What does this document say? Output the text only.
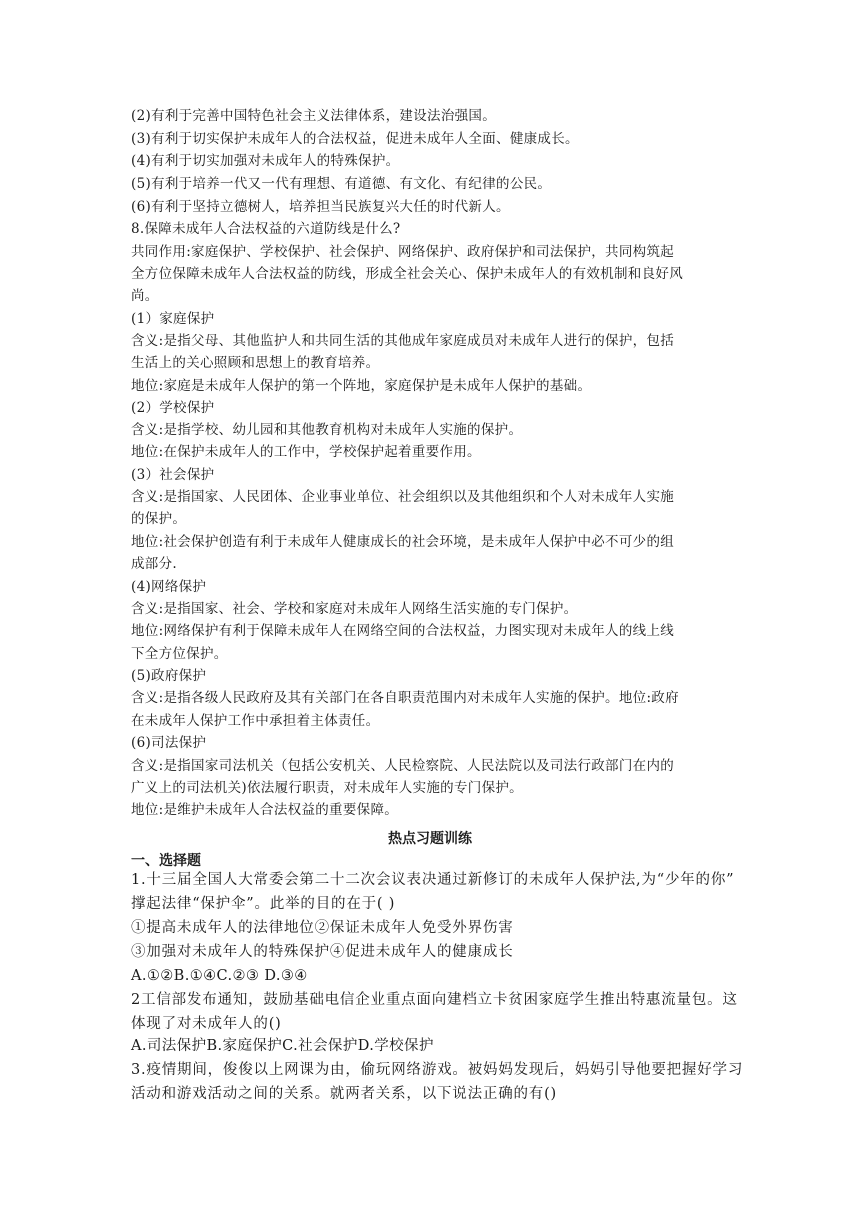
(2)有利于完善中国特色社会主义法律体系，建设法治强国。
(3)有利于切实保护未成年人的合法权益，促进未成年人全面、健康成长。
(4)有利于切实加强对未成年人的特殊保护。
(5)有利于培养一代又一代有理想、有道德、有文化、有纪律的公民。
(6)有利于坚持立德树人，培养担当民族复兴大任的时代新人。
8.保障未成年人合法权益的六道防线是什么?
共同作用:家庭保护、学校保护、社会保护、网络保护、政府保护和司法保护，共同构筑起
全方位保障未成年人合法权益的防线，形成全社会关心、保护未成年人的有效机制和良好风
尚。
(1）家庭保护
含义:是指父母、其他监护人和共同生活的其他成年家庭成员对未成年人进行的保护，包括
生活上的关心照顾和思想上的教育培养。
地位:家庭是未成年人保护的第一个阵地，家庭保护是未成年人保护的基础。
(2）学校保护
含义:是指学校、幼儿园和其他教育机构对未成年人实施的保护。
地位:在保护未成年人的工作中，学校保护起着重要作用。
(3）社会保护
含义:是指国家、人民团体、企业事业单位、社会组织以及其他组织和个人对未成年人实施
的保护。
地位:社会保护创造有利于未成年人健康成长的社会环境，是未成年人保护中必不可少的组
成部分.
(4)网络保护
含义:是指国家、社会、学校和家庭对未成年人网络生活实施的专门保护。
地位:网络保护有利于保障未成年人在网络空间的合法权益，力图实现对未成年人的线上线
下全方位保护。
(5)政府保护
含义:是指各级人民政府及其有关部门在各自职责范围内对未成年人实施的保护。地位:政府
在未成年人保护工作中承担着主体责任。
(6)司法保护
含义:是指国家司法机关（包括公安机关、人民检察院、人民法院以及司法行政部门在内的
广义上的司法机关)依法履行职责，对未成年人实施的专门保护。
地位:是维护未成年人合法权益的重要保障。
热点习题训练
一、选择题
1.十三届全国人大常委会第二十二次会议表决通过新修订的未成年人保护法,为“少年的你”
撑起法律“保护伞”。此举的目的在于( )
①提高未成年人的法律地位②保证未成年人免受外界伤害
③加强对未成年人的特殊保护④促进未成年人的健康成长
A.①②B.①④C.②③ D.③④
2工信部发布通知，鼓励基础电信企业重点面向建档立卡贫困家庭学生推出特惠流量包。这
体现了对未成年人的()
A.司法保护B.家庭保护C.社会保护D.学校保护
3.疫情期间，俊俊以上网课为由，偷玩网络游戏。被妈妈发现后，妈妈引导他要把握好学习
活动和游戏活动之间的关系。就两者关系，以下说法正确的有()
